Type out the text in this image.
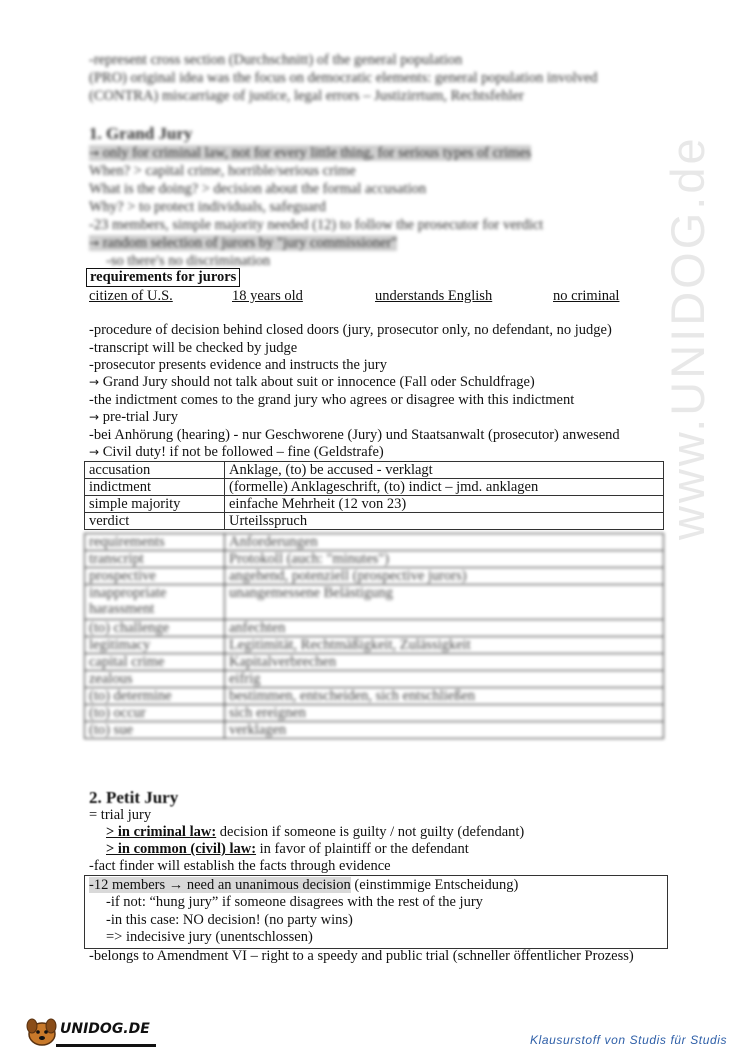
www.UNIDOG.de
-represent cross section (Durchschnitt) of the general population
(PRO) original idea was the focus on democratic elements: general population involved
(CONTRA) miscarriage of justice, legal errors – Justizirrtum, Rechtsfehler
1. Grand Jury
→ only for criminal law, not for every little thing, for serious types of crimes
When? > capital crime, horrible/serious crime
What is the doing? > decision about the formal accusation
Why? > to protect individuals, safeguard
-23 members, simple majority needed (12) to follow the prosecutor for verdict
→ random selection of jurors by "jury commissioner"
-so there's no discrimination
requirements for jurors
citizen of U.S.	18 years old	understands English	no criminal
-procedure of decision behind closed doors (jury, prosecutor only, no defendant, no judge)
-transcript will be checked by judge
-prosecutor presents evidence and instructs the jury
→ Grand Jury should not talk about suit or innocence (Fall oder Schuldfrage)
-the indictment comes to the grand jury who agrees or disagree with this indictment
→ pre-trial Jury
-bei Anhörung (hearing) - nur Geschworene (Jury) und Staatsanwalt (prosecutor) anwesend
→ Civil duty! if not be followed – fine (Geldstrafe)
accusation	Anklage, (to) be accused - verklagt
indictment	(formelle) Anklageschrift, (to) indict – jmd. anklagen
simple majority	einfache Mehrheit (12 von 23)
verdict	Urteilsspruch
requirements	Anforderungen
transcript	Protokoll (auch: "minutes")
prospective	angehend, potenziell (prospective jurors)
inappropriate harassment	unangemessene Belästigung
(to) challenge	anfechten
legitimacy	Legitimität, Rechtmäßigkeit, Zulässigkeit
capital crime	Kapitalverbrechen
zealous	eifrig
(to) determine	bestimmen, entscheiden, sich entschließen
(to) occur	sich ereignen
(to) sue	verklagen
2. Petit Jury
= trial jury
> in criminal law: decision if someone is guilty / not guilty (defendant)
> in common (civil) law: in favor of plaintiff or the defendant
-fact finder will establish the facts through evidence
-12 members → need an unanimous decision (einstimmige Entscheidung)
-if not: “hung jury” if someone disagrees with the rest of the jury
-in this case: NO decision! (no party wins)
=> indecisive jury (unentschlossen)
-belongs to Amendment VI – right to a speedy and public trial (schneller öffentlicher Prozess)
UNIDOG.DE
Klausurstoff von Studis für Studis
